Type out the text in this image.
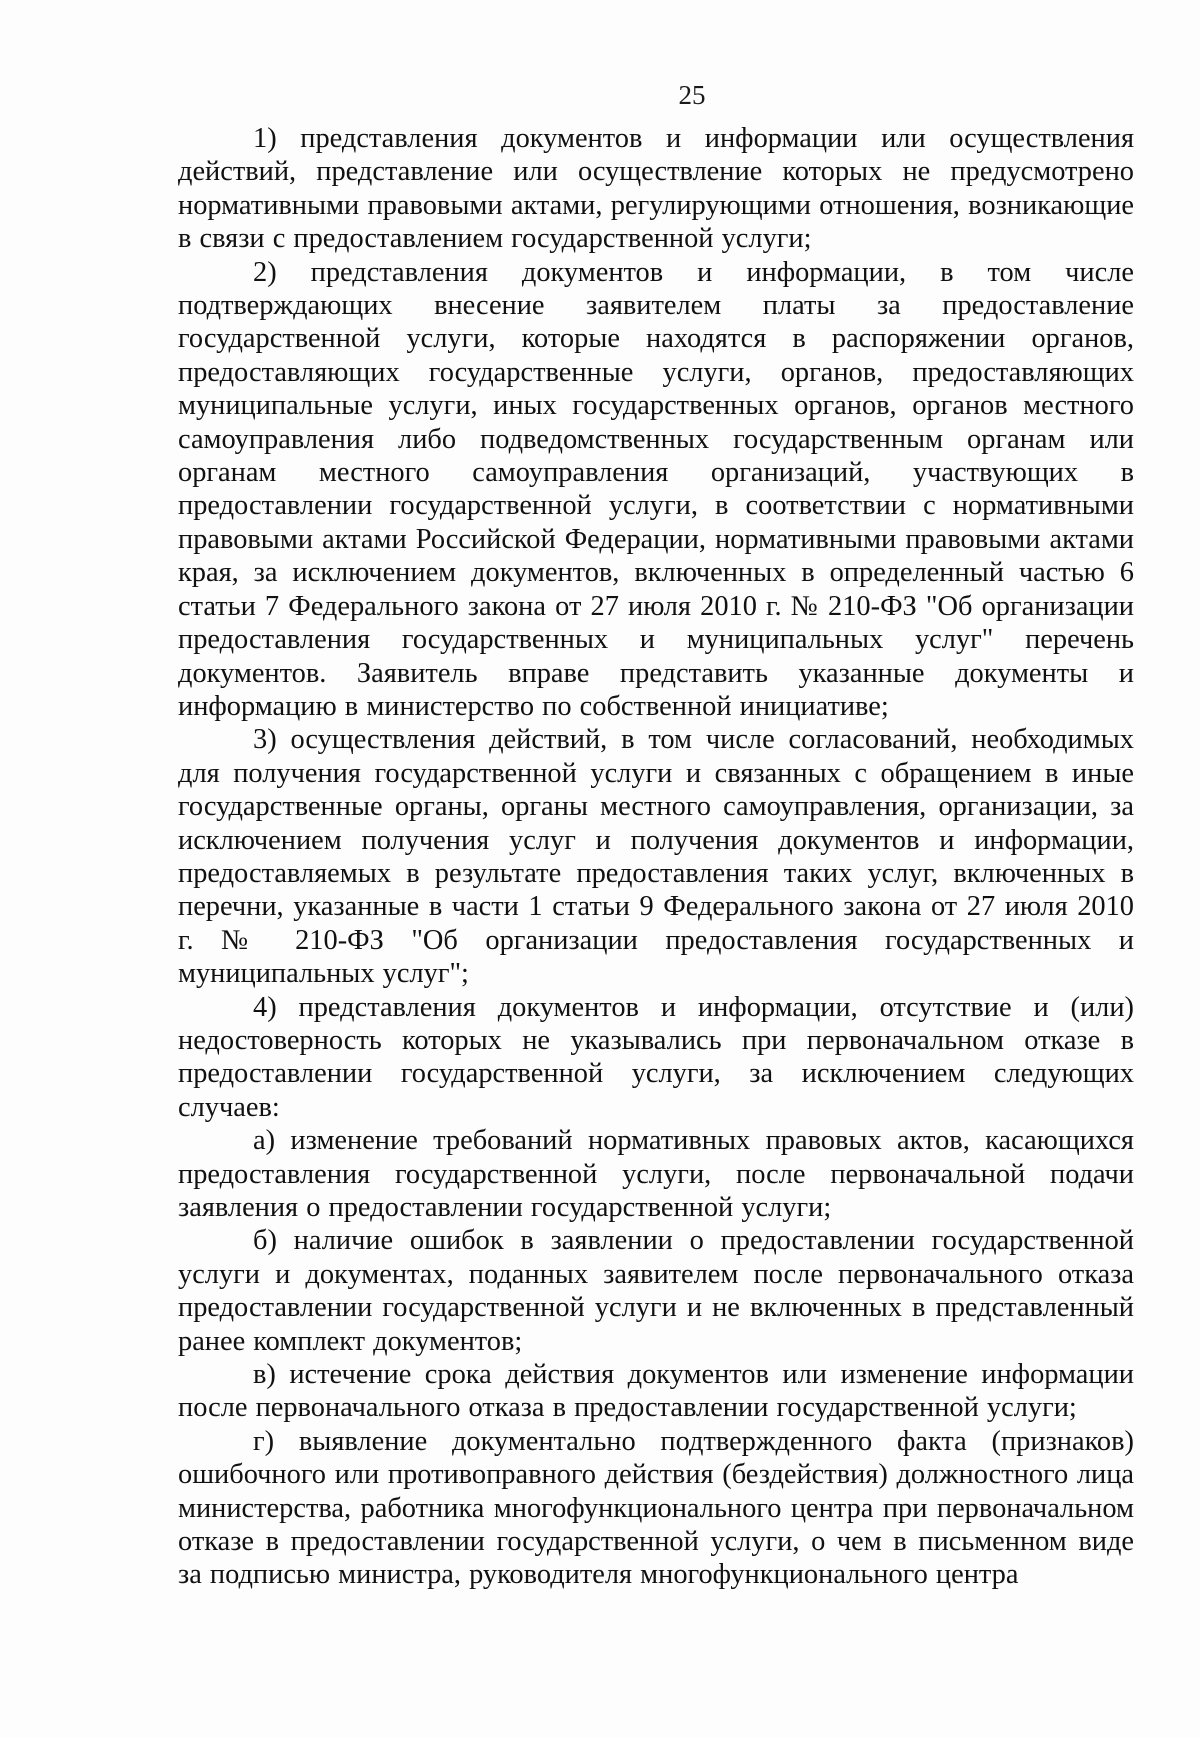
25

1) представления документов и информации или осуществления действий, представление или осуществление которых не предусмотрено нормативными правовыми актами, регулирующими отношения, возникающие в связи с предоставлением государственной услуги;

2) представления документов и информации, в том числе подтверждающих внесение заявителем платы за предоставление государственной услуги, которые находятся в распоряжении органов, предоставляющих государственные услуги, органов, предоставляющих муниципальные услуги, иных государственных органов, органов местного самоуправления либо подведомственных государственным органам или органам местного самоуправления организаций, участвующих в предоставлении государственной услуги, в соответствии с нормативными правовыми актами Российской Федерации, нормативными правовыми актами края, за исключением документов, включенных в определенный частью 6 статьи 7 Федерального закона от 27 июля 2010 г. № 210-ФЗ "Об организации предоставления государственных и муниципальных услуг" перечень документов. Заявитель вправе представить указанные документы и информацию в министерство по собственной инициативе;

3) осуществления действий, в том числе согласований, необходимых для получения государственной услуги и связанных с обращением в иные государственные органы, органы местного самоуправления, организации, за исключением получения услуг и получения документов и информации, предоставляемых в результате предоставления таких услуг, включенных в перечни, указанные в части 1 статьи 9 Федерального закона от 27 июля 2010 г. № 210-ФЗ "Об организации предоставления государственных и муниципальных услуг";

4) представления документов и информации, отсутствие и (или) недостоверность которых не указывались при первоначальном отказе в предоставлении государственной услуги, за исключением следующих случаев:

а) изменение требований нормативных правовых актов, касающихся предоставления государственной услуги, после первоначальной подачи заявления о предоставлении государственной услуги;

б) наличие ошибок в заявлении о предоставлении государственной услуги и документах, поданных заявителем после первоначального отказа предоставлении государственной услуги и не включенных в представленный ранее комплект документов;

в) истечение срока действия документов или изменение информации после первоначального отказа в предоставлении государственной услуги;

г) выявление документально подтвержденного факта (признаков) ошибочного или противоправного действия (бездействия) должностного лица министерства, работника многофункционального центра при первоначальном отказе в предоставлении государственной услуги, о чем в письменном виде за подписью министра, руководителя многофункционального центра
